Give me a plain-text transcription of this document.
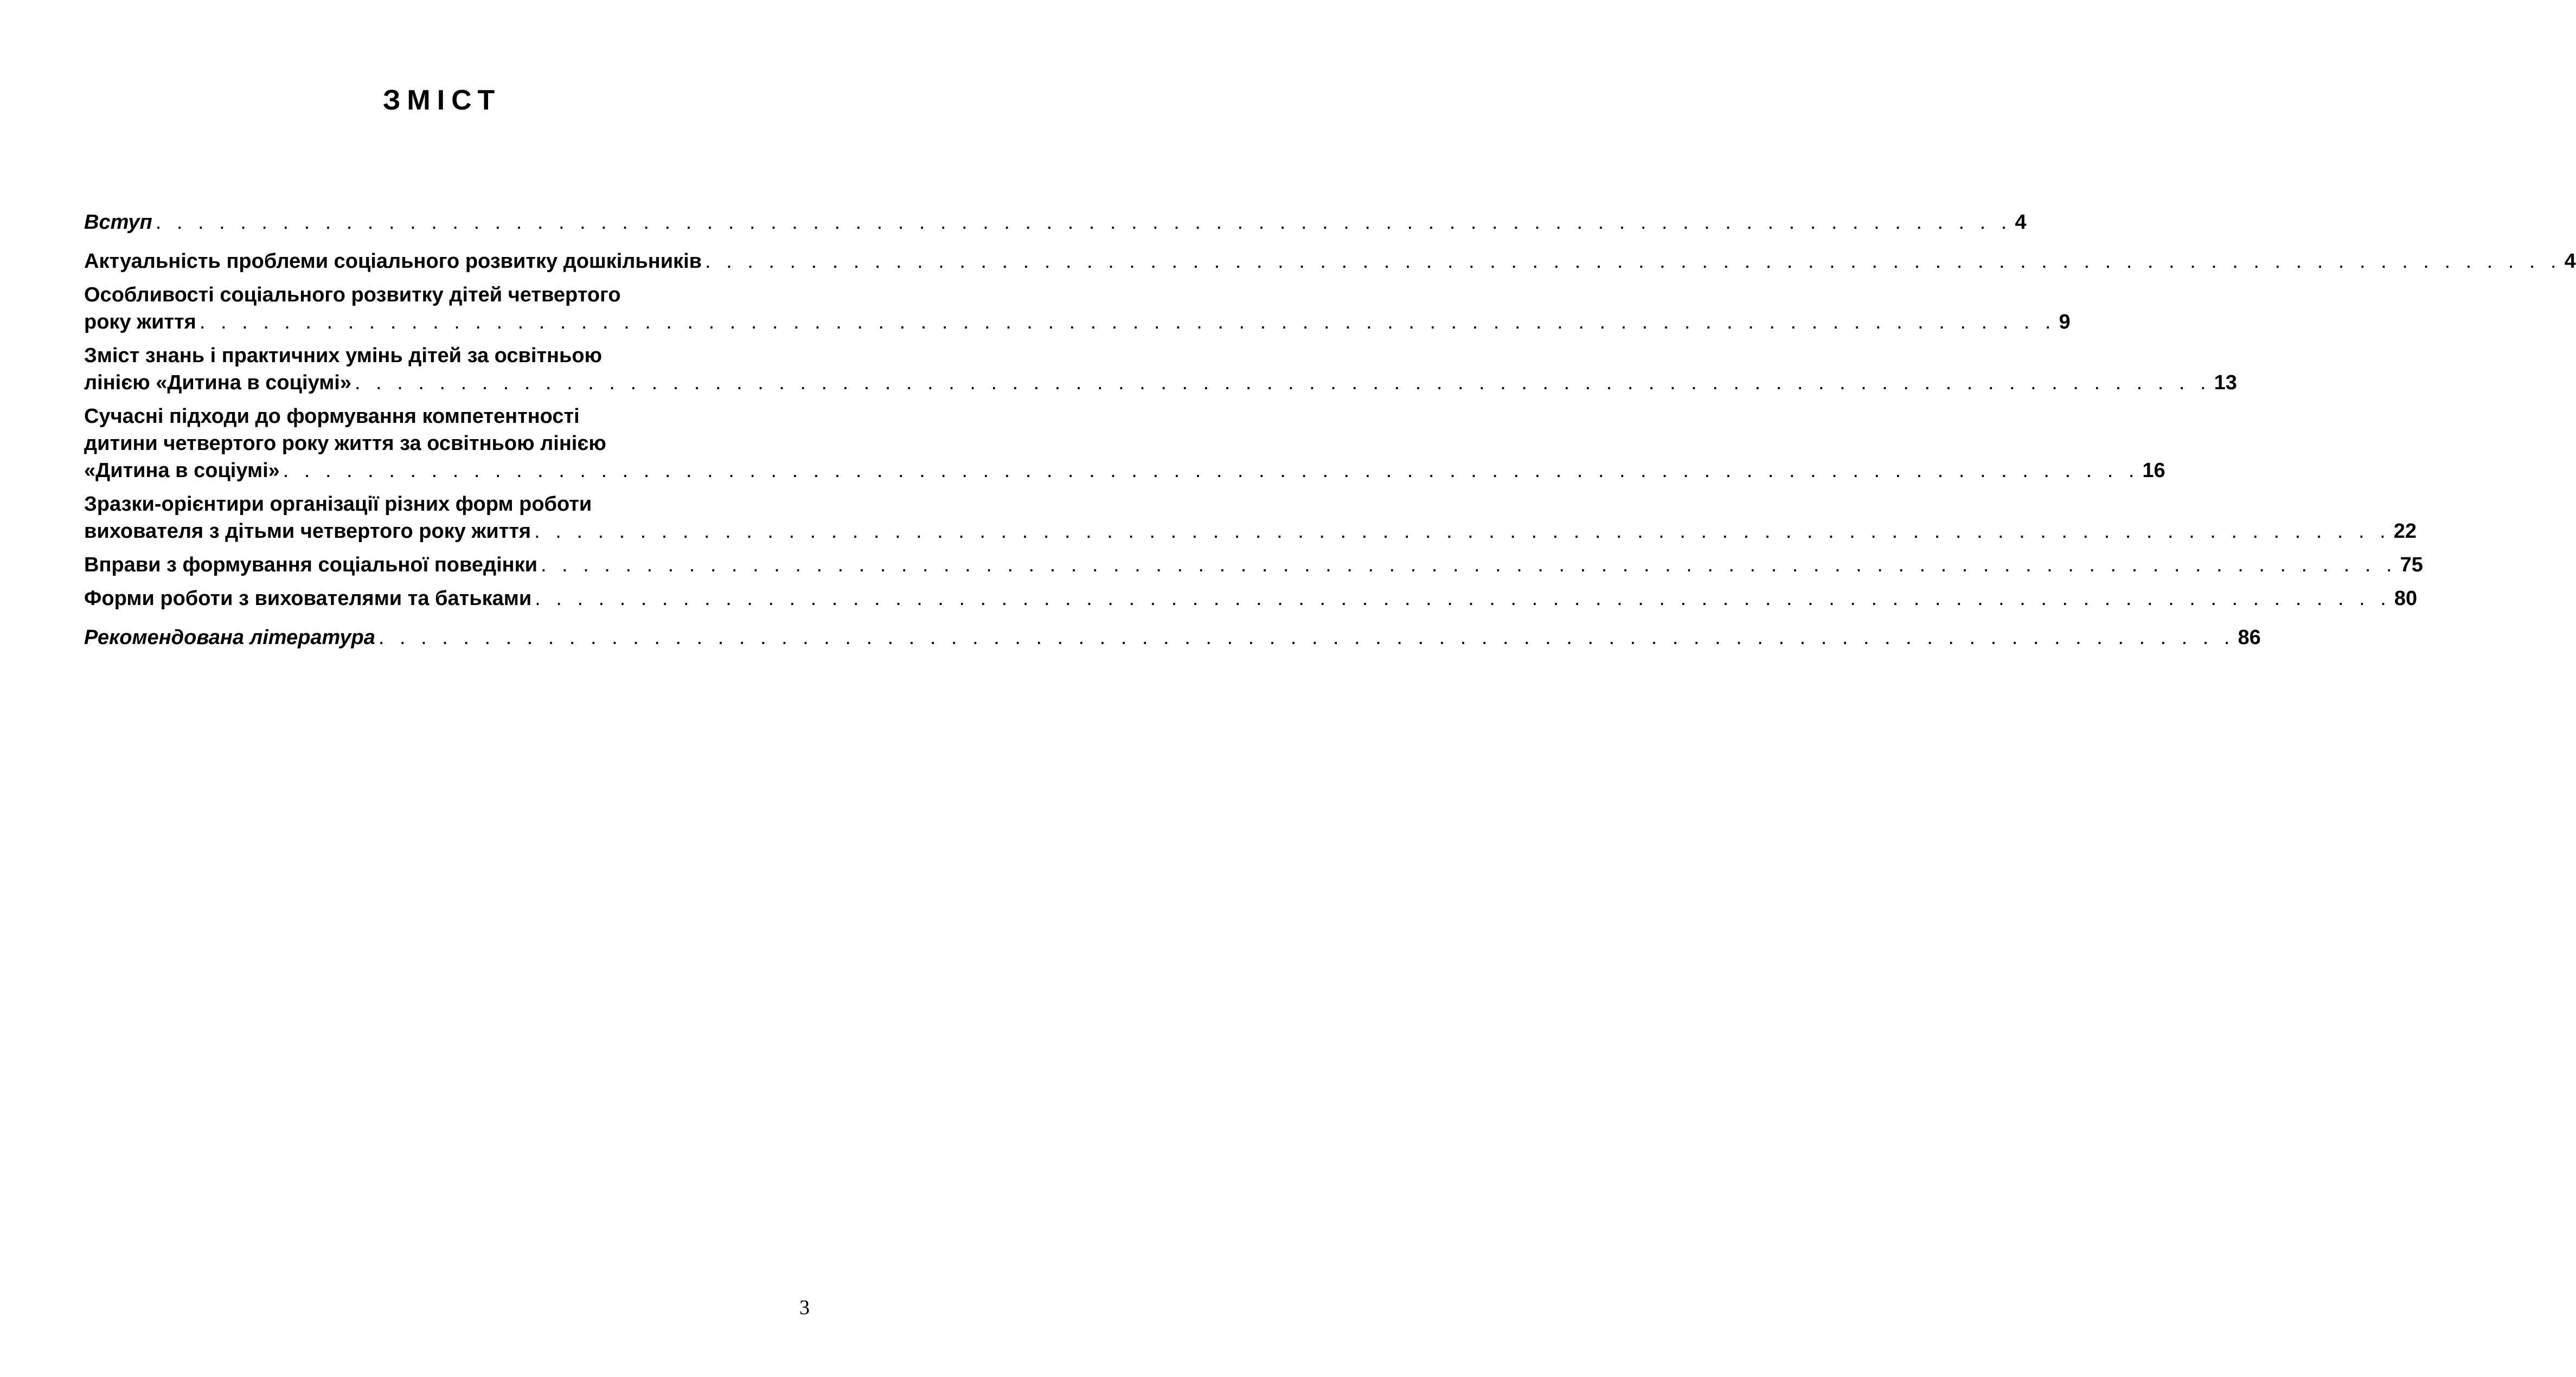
ЗМІСТ
Вступ . . . . . . . . . . . . . . . . . . . . . . . . . . . . . . . . . . . . . . . . . . . . . . . . . . . . . . . . . . . . . . . . . . . . . . . . . . . . . . . . . . . . . . . . 4
Актуальність проблеми соціального розвитку дошкільників . . . . . . . . . . . . . . . . . . . . . . . . . . . . . . . . . . . . . . . . . . . . . . . . . . . . . . . . . . . . . . . . . . . . . . . . . . . . . . . . . . . . . . . . 4
Особливості соціального розвитку дітей четвертого
року життя . . . . . . . . . . . . . . . . . . . . . . . . . . . . . . . . . . . . . . . . . . . . . . . . . . . . . . . . . . . . . . . . . . . . . . . . . . . . . . . . . . . . . . . . 9
Зміст знань і практичних умінь дітей за освітньою
лінією «Дитина в соціумі» . . . . . . . . . . . . . . . . . . . . . . . . . . . . . . . . . . . . . . . . . . . . . . . . . . . . . . . . . . . . . . . . . . . . . . . . . . . . . . . . . . . . . . . . 13
Сучасні підходи до формування компетентності
дитини четвертого року життя за освітньою лінією
«Дитина в соціумі» . . . . . . . . . . . . . . . . . . . . . . . . . . . . . . . . . . . . . . . . . . . . . . . . . . . . . . . . . . . . . . . . . . . . . . . . . . . . . . . . . . . . . . . . 16
Зразки-орієнтири організації різних форм роботи
вихователя з дітьми четвертого року життя . . . . . . . . . . . . . . . . . . . . . . . . . . . . . . . . . . . . . . . . . . . . . . . . . . . . . . . . . . . . . . . . . . . . . . . . . . . . . . . . . . . . . . . . 22
Вправи з формування соціальної поведінки . . . . . . . . . . . . . . . . . . . . . . . . . . . . . . . . . . . . . . . . . . . . . . . . . . . . . . . . . . . . . . . . . . . . . . . . . . . . . . . . . . . . . . . . 75
Форми роботи з вихователями та батьками . . . . . . . . . . . . . . . . . . . . . . . . . . . . . . . . . . . . . . . . . . . . . . . . . . . . . . . . . . . . . . . . . . . . . . . . . . . . . . . . . . . . . . . . 80
Рекомендована література . . . . . . . . . . . . . . . . . . . . . . . . . . . . . . . . . . . . . . . . . . . . . . . . . . . . . . . . . . . . . . . . . . . . . . . . . . . . . . . . . . . . . . . . 86
3
